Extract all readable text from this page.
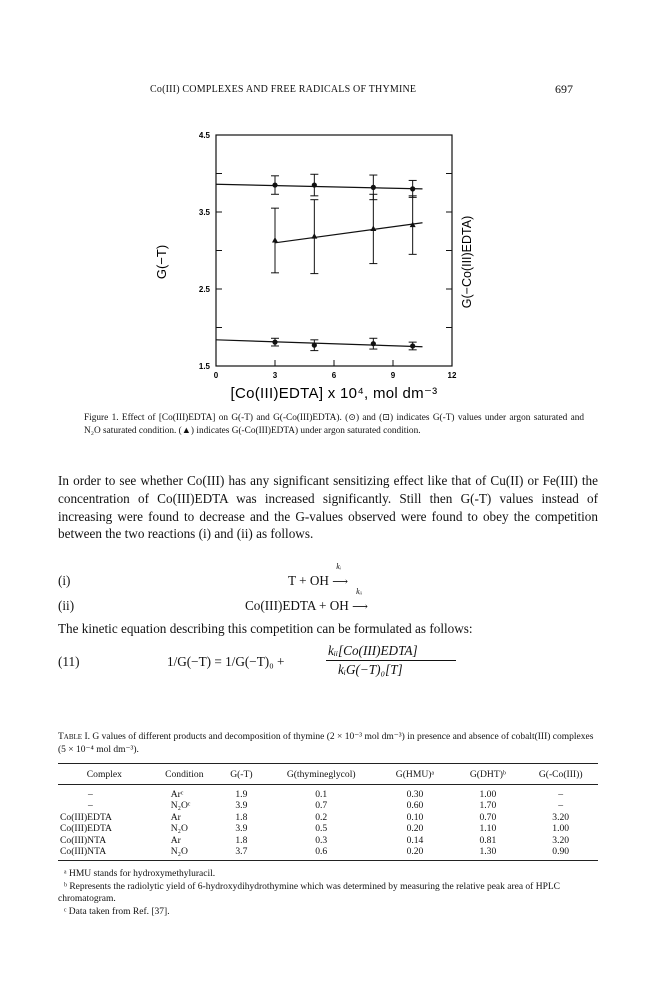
Co(III) COMPLEXES AND FREE RADICALS OF THYMINE	697
0	3	6	9	12
1.5
2.5
3.5
4.5
G(−T)	G(−Co(III)EDTA)
[Co(III)EDTA] x 10⁴, mol dm⁻³
Figure 1. Effect of [Co(III)EDTA] on G(-T) and G(-Co(III)EDTA). (⊙) and (⊡) indicates G(-T) values under argon saturated and N₂O saturated condition. (▲) indicates G(-Co(III)EDTA) under argon saturated condition.
In order to see whether Co(III) has any significant sensitizing effect like that of Cu(II) or Fe(III) the concentration of Co(III)EDTA was increased significantly. Still then G(-T) values instead of increasing were found to decrease and the G-values observed were found to obey the competition between the two reactions (i) and (ii) as follows.
(i)	T + OH
kᵢ
⟶
(ii)	Co(III)EDTA + OH
kᵢᵢ
⟶
The kinetic equation describing this competition can be formulated as follows:
(11)	1/G(−T) = 1/G(−T)₀ +
kᵢᵢ[Co(III)EDTA]
kᵢG(−T)₀[T]
Table I. G values of different products and decomposition of thymine (2 × 10⁻³ mol dm⁻³) in presence and absence of cobalt(III) complexes (5 × 10⁻⁴ mol dm⁻³).
Complex	Condition	G(-T)	G(thymineglycol)	G(HMU)ᵃ	G(DHT)ᵇ	G(-Co(III))
–	Arᶜ	1.9	0.1	0.30	1.00	–
–	N₂Oᶜ	3.9	0.7	0.60	1.70	–
Co(III)EDTA	Ar	1.8	0.2	0.10	0.70	3.20
Co(III)EDTA	N₂O	3.9	0.5	0.20	1.10	1.00
Co(III)NTA	Ar	1.8	0.3	0.14	0.81	3.20
Co(III)NTA	N₂O	3.7	0.6	0.20	1.30	0.90
ᵃ HMU stands for hydroxymethyluracil.
ᵇ Represents the radiolytic yield of 6-hydroxydihydrothymine which was determined by measuring the relative peak area of HPLC chromatogram.
ᶜ Data taken from Ref. [37].
